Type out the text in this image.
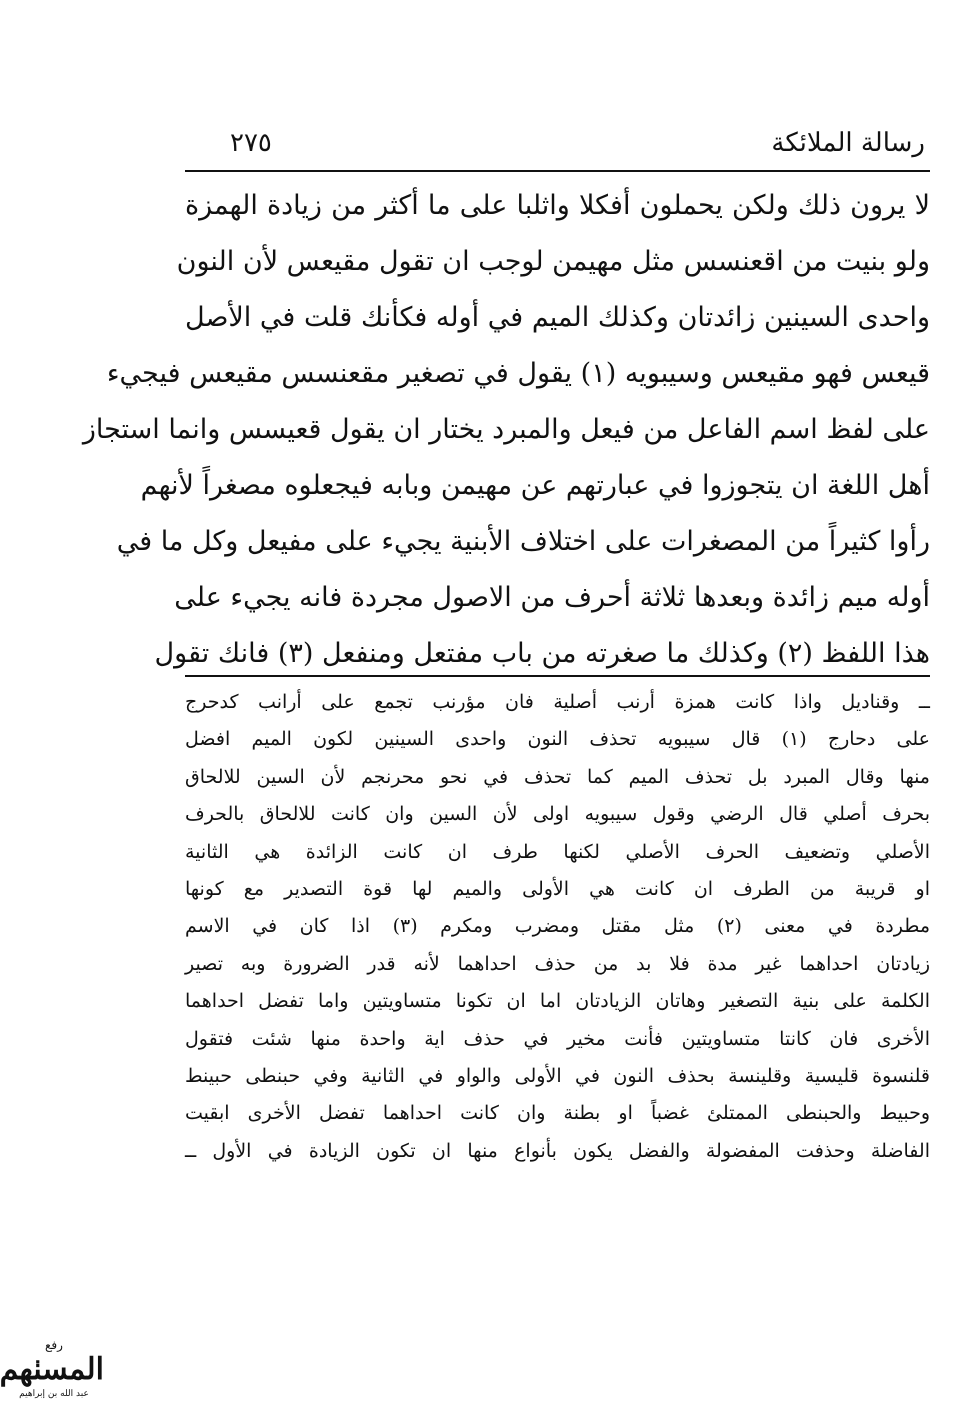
رسالة الملائكة
٢٧٥
لا يرون ذلك ولكن يحملون أفكلا واثلبا على ما أكثر من زيادة الهمزة
ولو بنيت من اقعنسس مثل مهيمن لوجب ان تقول مقيعس لأن النون
واحدى السينين زائدتان وكذلك الميم في أوله فكأنك قلت في الأصل
قيعس فهو مقيعس وسيبويه (١) يقول في تصغير مقعنسس مقيعس فيجيء
على لفظ اسم الفاعل من فيعل والمبرد يختار ان يقول قعيسس وانما استجاز
أهل اللغة ان يتجوزوا في عبارتهم عن مهيمن وبابه فيجعلوه مصغراً لأنهم
رأوا كثيراً من المصغرات على اختلاف الأبنية يجيء على مفيعل وكل ما في
أوله ميم زائدة وبعدها ثلاثة أحرف من الاصول مجردة فانه يجيء على
هذا اللفظ (٢) وكذلك ما صغرته من باب مفتعل ومنفعل (٣) فانك تقول
ــ وقناديل واذا كانت همزة أرنب أصلية فان مؤرنب تجمع على أرانب كدحرج
على دحارج (١) قال سيبويه تحذف النون واحدى السينين لكون الميم افضل
منها وقال المبرد بل تحذف الميم كما تحذف في نحو محرنجم لأن السين للالحاق
بحرف أصلي قال الرضي وقول سيبويه اولى لأن السين وان كانت للالحاق بالحرف
الأصلي وتضعيف الحرف الأصلي لكنها طرف ان كانت الزائدة هي الثانية
او قريبة من الطرف ان كانت هي الأولى والميم لها قوة التصدير مع كونها
مطردة في معنى (٢) مثل مقتل ومضرب ومكرم (٣) اذا كان في الاسم
زيادتان احداهما غير مدة فلا بد من حذف احداهما لأنه قدر الضرورة وبه تصير
الكلمة على بنية التصغير وهاتان الزيادتان اما ان تكونا متساويتين واما تفضل احداهما
الأخرى فان كانتا متساويتين فأنت مخير في حذف اية واحدة منها شئت فتقول
قلنسوة قليسية وقلينسة بحذف النون في الأولى والواو في الثانية وفي حبنطى حبينط
وحبيط والحبنطى الممتلئ غضباً او بطنة وان كانت احداهما تفضل الأخرى ابقيت
الفاضلة وحذفت المفضولة والفضل يكون بأنواع منها ان تكون الزيادة في الأول ــ
رفع
المسٺهم
عبد الله بن إبراهيم
